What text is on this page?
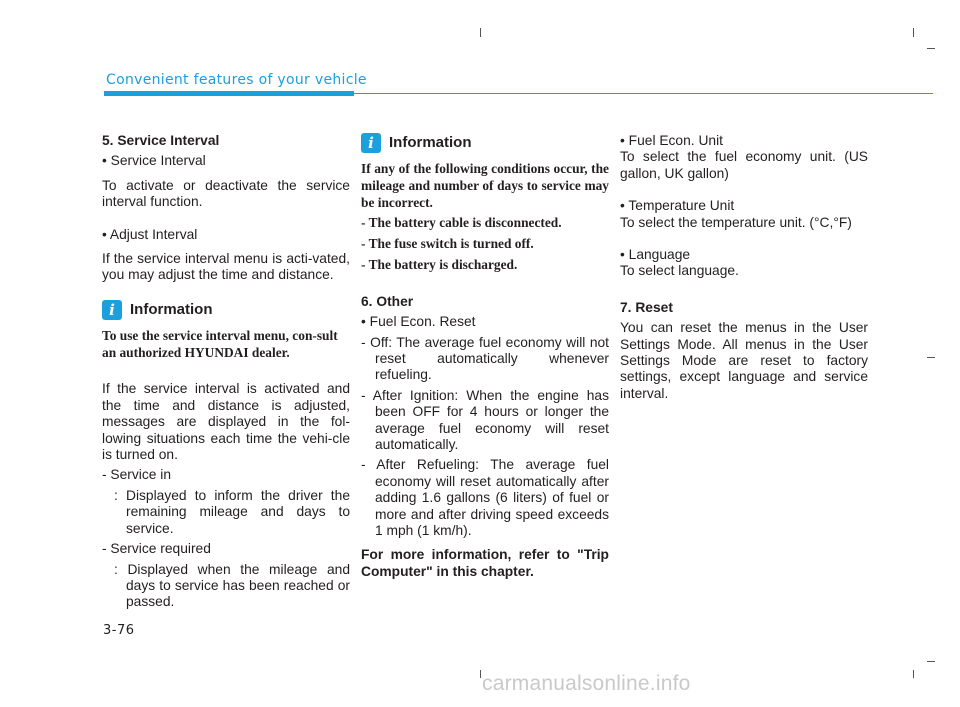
Convenient features of your vehicle

5. Service Interval

• Service Interval

To activate or deactivate the service interval function.

• Adjust Interval

If the service interval menu is acti-vated, you may adjust the time and distance.

i	Information

To use the service interval menu, con-sult an authorized HYUNDAI dealer.

If the service interval is activated and the time and distance is adjusted, messages are displayed in the fol-lowing situations each time the vehi-cle is turned on.

- Service in

: Displayed to inform the driver the remaining mileage and days to service.

- Service required

: Displayed when the mileage and days to service has been reached or passed.

i	Information

If any of the following conditions occur, the mileage and number of days to service may be incorrect.

- The battery cable is disconnected.

- The fuse switch is turned off.

- The battery is discharged.

6. Other

• Fuel Econ. Reset

- Off: The average fuel economy will not reset automatically whenever refueling.

- After Ignition: When the engine has been OFF for 4 hours or longer the average fuel economy will reset automatically.

- After Refueling: The average fuel economy will reset automatically after adding 1.6 gallons (6 liters) of fuel or more and after driving speed exceeds 1 mph (1 km/h).

For more information, refer to "Trip Computer" in this chapter.

• Fuel Econ. Unit

To select the fuel economy unit. (US gallon, UK gallon)

• Temperature Unit

To select the temperature unit. (°C,°F)

• Language

To select language.

7. Reset

You can reset the menus in the User Settings Mode. All menus in the User Settings Mode are reset to factory settings, except language and service interval.

3-76
carmanualsonline.info
